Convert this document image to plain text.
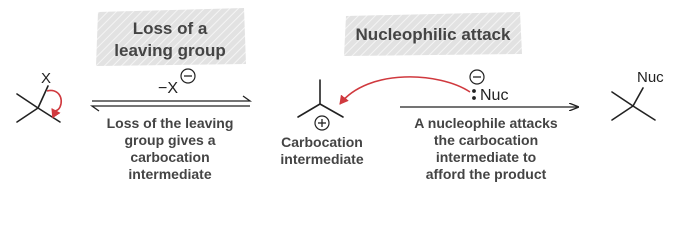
Loss of a
leaving group
Nucleophilic attack
X
−X
Loss of the leaving
group gives a
carbocation
intermediate
Carbocation
intermediate
Nuc
A nucleophile attacks
the carbocation
intermediate to
afford the product
Nuc
